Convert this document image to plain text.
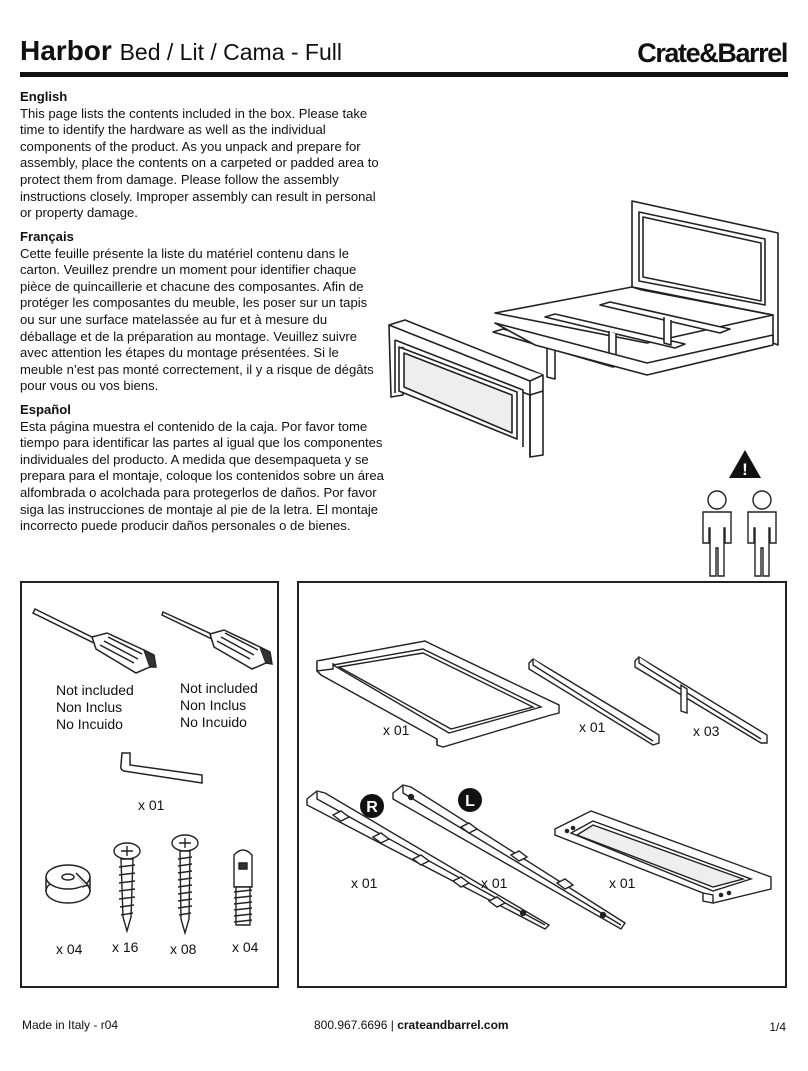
Harbor Bed / Lit / Cama - Full	Crate&Barrel
English

This page lists the contents included in the box. Please take time to identify the hardware as well as the individual components of the product. As you unpack and prepare for assembly, place the contents on a carpeted or padded area to protect them from damage. Please follow the assembly instructions closely. Improper assembly can result in personal or property damage.

Français

Cette feuille présente la liste du matériel contenu dans le carton. Veuillez prendre un moment pour identifier chaque pièce de quincaillerie et chacune des composantes. Afin de protéger les composantes du meuble, les poser sur un tapis ou sur une surface matelassée au fur et à mesure du déballage et de la préparation au montage. Veuillez suivre avec attention les étapes du montage présentées. Si le meuble n’est pas monté correctement, il y a risque de dégâts pour vous ou vos biens.

Español

Esta página muestra el contenido de la caja. Por favor tome tiempo para identificar las partes al igual que los componentes individuales del producto. A medida que desempaqueta y se prepara para el montaje, coloque los contenidos sobre un área alfombrada o acolchada para protegerlos de daños. Por favor siga las instrucciones de montaje al pie de la letra. El montaje incorrecto puede producir daños personales o de bienes.

!
Not included
Non Inclus
No Incuido
Not included
Non Inclus
No Incuido
x 01
x 04 x 16 x 08	x 04
x 01	x 01	x 03
R
x 01
L
x 01	x 01
Made in Italy - r04	800.967.6696 | crateandbarrel.com	1/4
